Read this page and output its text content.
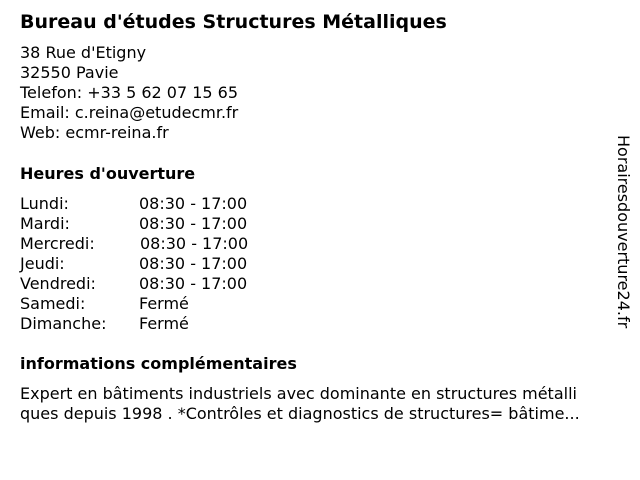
Bureau d'études Structures Métalliques
38 Rue d'Etigny
32550 Pavie
Telefon: +33 5 62 07 15 65
Email: c.reina@etudecmr.fr
Web: ecmr-reina.fr
Heures d'ouverture
Lundi:	08:30 - 17:00
Mardi:	08:30 - 17:00
Mercredi:	08:30 - 17:00
Jeudi:	08:30 - 17:00
Vendredi:	08:30 - 17:00
Samedi:	Fermé
Dimanche: Fermé
informations complémentaires
Expert en bâtiments industriels avec dominante en structures métalli
ques depuis 1998 . *Contrôles et diagnostics de structures= bâtime...
Horairesdouverture24.fr
